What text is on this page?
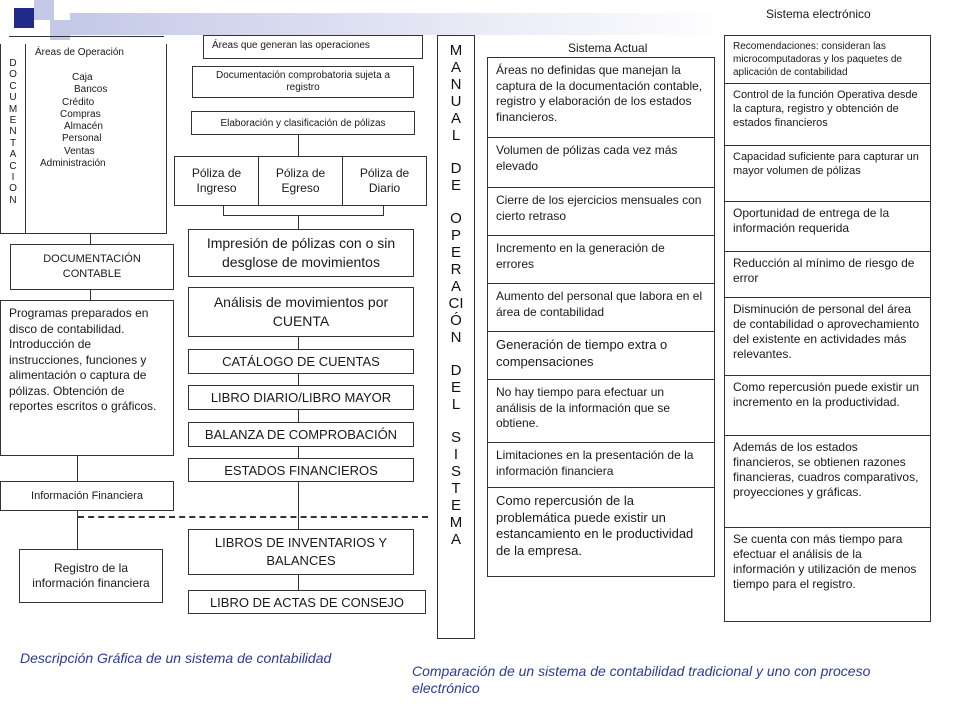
Sistema electrónico
D
O
C
U
M
E
N
T
A
C
I
O
N
Áreas de Operación
Caja
Bancos
Crédito
Compras
Almacén
Personal
Ventas
Administración
DOCUMENTACIÓN CONTABLE
Programas preparados en disco de contabilidad. Introducción de instrucciones, funciones y alimentación o captura de pólizas. Obtención de reportes escritos o gráficos.
Información Financiera
Registro de la información financiera
Áreas que generan las operaciones
Documentación comprobatoria sujeta a registro
Elaboración y clasificación de pólizas
Póliza de Ingreso
Póliza de Egreso
Póliza de Diario
Impresión de pólizas con o sin desglose de movimientos
Análisis de movimientos por CUENTA
CATÁLOGO DE CUENTAS
LIBRO DIARIO/LIBRO MAYOR
BALANZA DE COMPROBACIÓN
ESTADOS FINANCIEROS
LIBROS DE INVENTARIOS Y BALANCES
LIBRO DE ACTAS DE CONSEJO
M
A
N
U
A
L
D
E
O
P
E
R
A
CI
Ó
N
D
E
L
S
I
S
T
E
M
A
Sistema Actual
Áreas no definidas que manejan la captura de la documentación contable, registro y elaboración de los estados financieros.
Volumen de pólizas cada vez más elevado
Cierre de los ejercicios mensuales con cierto retraso
Incremento en la generación de errores
Aumento del personal que labora en el área de contabilidad
Generación de tiempo extra o compensaciones
No hay tiempo para efectuar un análisis de la información que se obtiene.
Limitaciones en la presentación de la información financiera
Como repercusión de la problemática puede existir un estancamiento en le productividad de la empresa.
Recomendaciones: consideran las microcomputadoras y los paquetes de aplicación de contabilidad
Control de la función Operativa desde la captura, registro y obtención de estados financieros
Capacidad suficiente para capturar un mayor volumen de pólizas
Oportunidad de entrega de la información requerida
Reducción al mínimo de riesgo de error
Disminución de personal del área de contabilidad o aprovechamiento del existente en actividades más relevantes.
Como repercusión puede existir un incremento en la productividad.
Además de los estados financieros, se obtienen razones financieras, cuadros comparativos, proyecciones y gráficas.
Se cuenta con más tiempo para efectuar el análisis de la información y utilización de menos tiempo para el registro.
Descripción Gráfica de un sistema de contabilidad
Comparación de un sistema de contabilidad tradicional y uno con proceso electrónico
